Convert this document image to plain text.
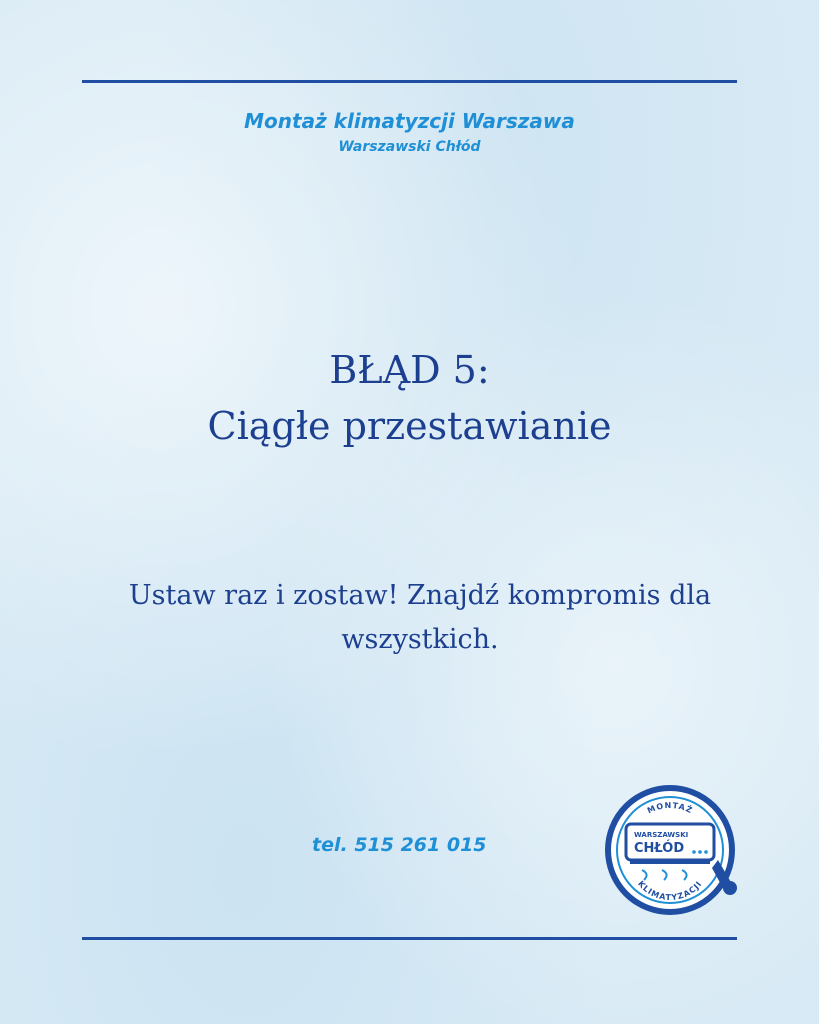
Montaż klimatyzcji Warszawa
Warszawski Chłód
BŁĄD 5:
Ciągłe przestawianie
Ustaw raz i zostaw! Znajdź kompromis dla
wszystkich.
tel. 515 261 015
MONTAŻ
WARSZAWSKI
CHŁÓD
KLIMATYZACJI
